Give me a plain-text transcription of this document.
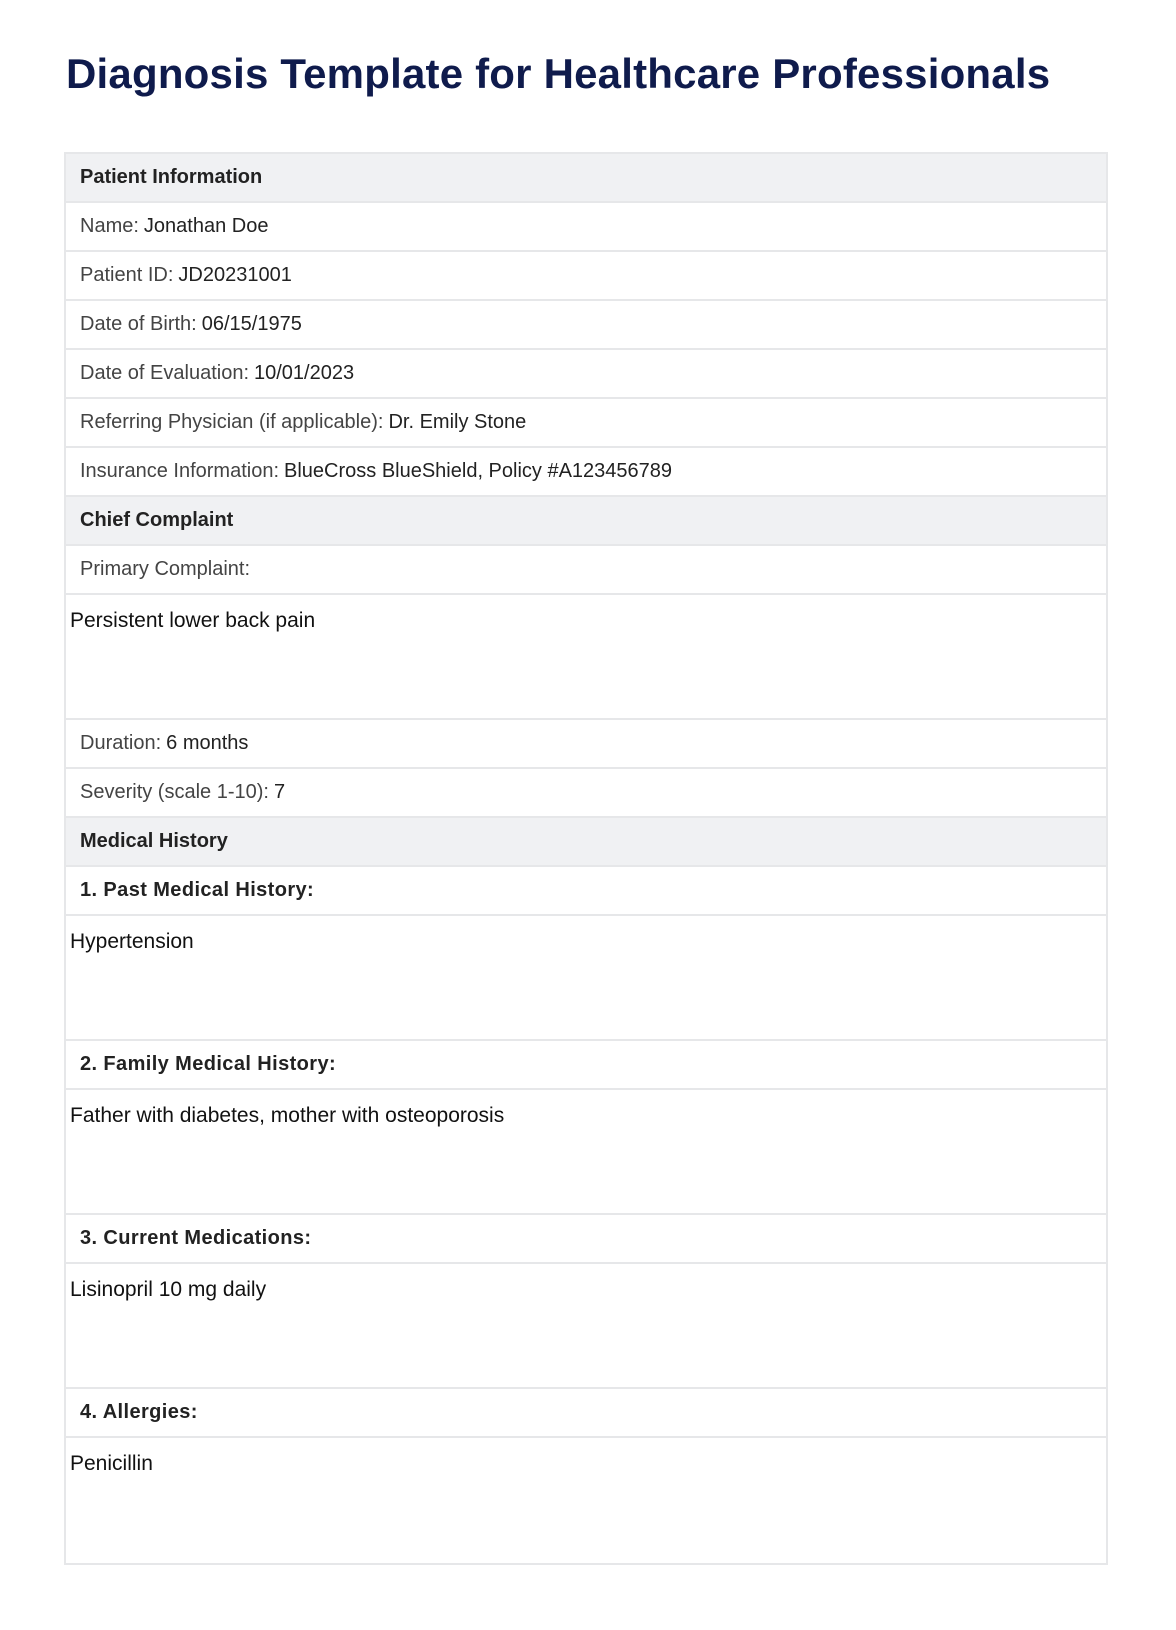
Diagnosis Template for Healthcare Professionals
Patient Information
Name: Jonathan Doe
Patient ID: JD20231001
Date of Birth: 06/15/1975
Date of Evaluation: 10/01/2023
Referring Physician (if applicable): Dr. Emily Stone
Insurance Information: BlueCross BlueShield, Policy #A123456789
Chief Complaint
Primary Complaint:
Persistent lower back pain
Duration: 6 months
Severity (scale 1-10): 7
Medical History
1. Past Medical History:
Hypertension
2. Family Medical History:
Father with diabetes, mother with osteoporosis
3. Current Medications:
Lisinopril 10 mg daily
4. Allergies:
Penicillin
